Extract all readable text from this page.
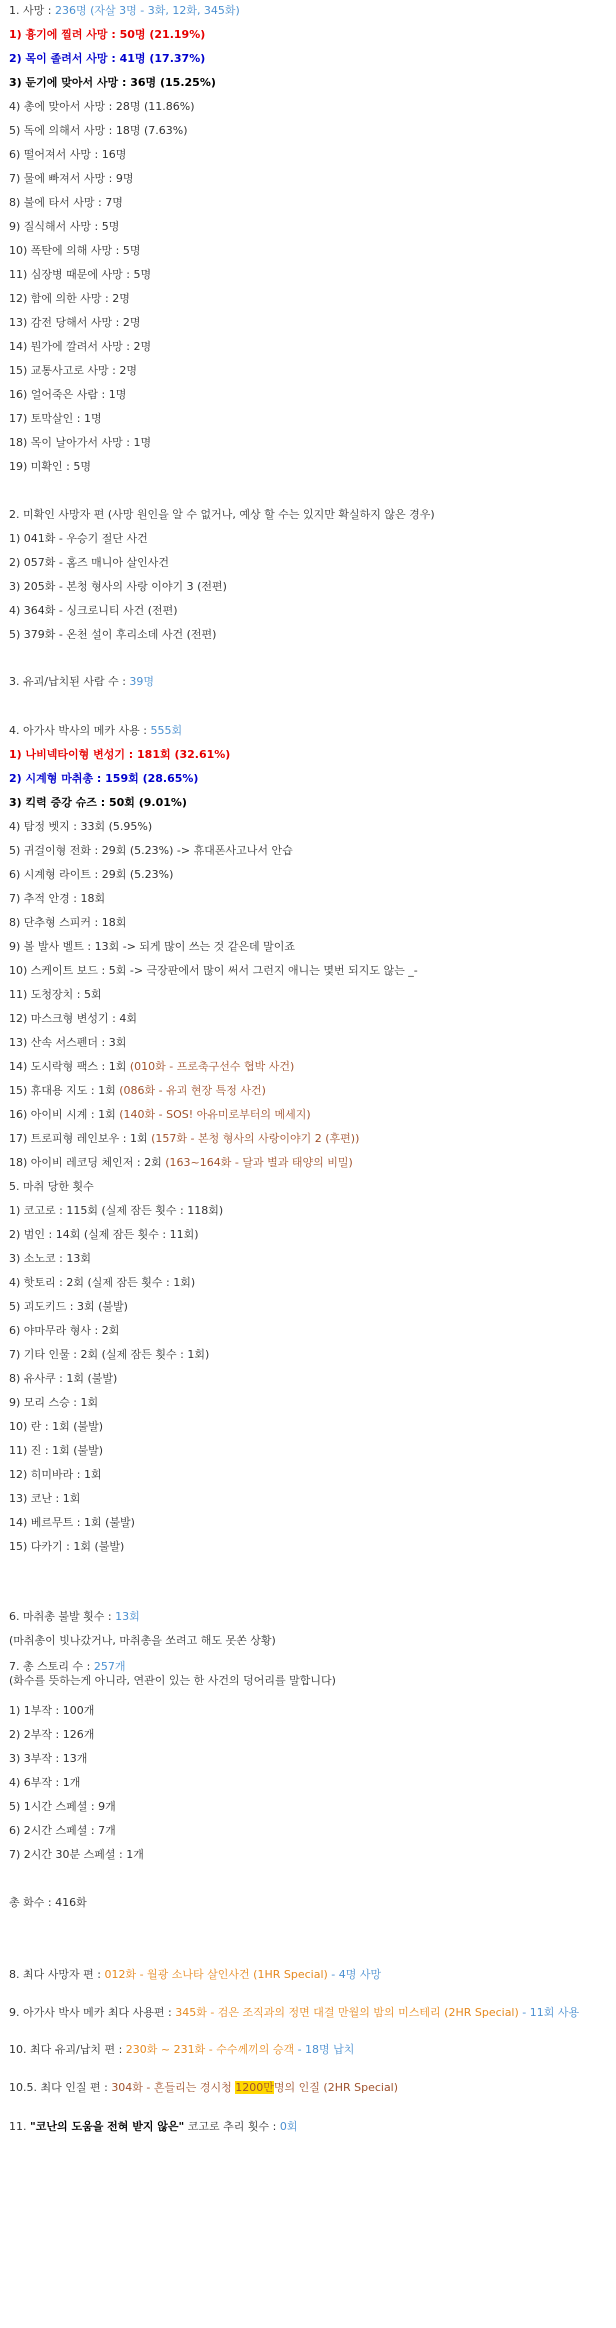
1. 사망 : 236명 (자살 3명 - 3화, 12화, 345화)
1) 흉기에 찔려 사망 : 50명 (21.19%)
2) 목이 졸려서 사망 : 41명 (17.37%)
3) 둔기에 맞아서 사망 : 36명 (15.25%)
4) 총에 맞아서 사망 : 28명 (11.86%)
5) 독에 의해서 사망 : 18명 (7.63%)
6) 떨어져서 사망 : 16명
7) 물에 빠져서 사망 : 9명
8) 불에 타서 사망 : 7명
9) 질식해서 사망 : 5명
10) 폭탄에 의해 사망 : 5명
11) 심장병 때문에 사망 : 5명
12) 함에 의한 사망 : 2명
13) 감전 당해서 사망 : 2명
14) 뭔가에 깔려서 사망 : 2명
15) 교통사고로 사망 : 2명
16) 얼어죽은 사람 : 1명
17) 토막살인 : 1명
18) 목이 날아가서 사망 : 1명
19) 미확인 : 5명
2. 미확인 사망자 편 (사망 원인을 알 수 없거나, 예상 할 수는 있지만 확실하지 않은 경우)
1) 041화 - 우승기 절단 사건
2) 057화 - 홈즈 매니아 살인사건
3) 205화 - 본청 형사의 사랑 이야기 3 (전편)
4) 364화 - 싱크로니티 사건 (전편)
5) 379화 - 온천 설이 후리소데 사건 (전편)
3. 유괴/납치된 사람 수 : 39명
4. 아가사 박사의 메카 사용 : 555회
1) 나비넥타이형 변성기 : 181회 (32.61%)
2) 시계형 마취총 : 159회 (28.65%)
3) 킥력 증강 슈즈 : 50회 (9.01%)
4) 탐정 벳지 : 33회 (5.95%)
5) 귀걸이형 전화 : 29회 (5.23%) -> 휴대폰사고나서 안습
6) 시계형 라이트 : 29회 (5.23%)
7) 추적 안경 : 18회
8) 단추형 스피커 : 18회
9) 볼 발사 벨트 : 13회 -> 되게 많이 쓰는 것 같은데 말이죠
10) 스케이트 보드 : 5회 -> 극장판에서 많이 써서 그런지 애니는 몇번 되지도 않는 _-
11) 도청장치 : 5회
12) 마스크형 변성기 : 4회
13) 산속 서스펜더 : 3회
14) 도시락형 팩스 : 1회 (010화 - 프로축구선수 협박 사건)
15) 휴대용 지도 : 1회 (086화 - 유괴 현장 특정 사건)
16) 아이비 시계 : 1회 (140화 - SOS! 아유미로부터의 메세지)
17) 트로피형 레인보우 : 1회 (157화 - 본청 형사의 사랑이야기 2 (후편))
18) 아이비 레코딩 체인저 : 2회 (163~164화 - 달과 별과 태양의 비밀)
5. 마취 당한 횟수
1) 코고로 : 115회 (실제 잠든 횟수 : 118회)
2) 범인 : 14회 (실제 잠든 횟수 : 11회)
3) 소노코 : 13회
4) 핫토리 : 2회 (실제 잠든 횟수 : 1회)
5) 괴도키드 : 3회 (불발)
6) 야마무라 형사 : 2회
7) 기타 인물 : 2회 (실제 잠든 횟수 : 1회)
8) 유사쿠 : 1회 (불발)
9) 모리 스승 : 1회
10) 란 : 1회 (불발)
11) 진 : 1회 (불발)
12) 히미바라 : 1회
13) 코난 : 1회
14) 베르무트 : 1회 (불발)
15) 다카기 : 1회 (불발)
6. 마취총 불발 횟수 : 13회
(마취총이 빗나갔거나, 마취총을 쏘려고 해도 못쏜 상황)
7. 총 스토리 수 : 257개
(화수를 뜻하는게 아니라, 연관이 있는 한 사건의 덩어리를 말합니다)
1) 1부작 : 100개
2) 2부작 : 126개
3) 3부작 : 13개
4) 6부작 : 1개
5) 1시간 스페셜 : 9개
6) 2시간 스페셜 : 7개
7) 2시간 30분 스페셜 : 1개
총 화수 : 416화
8. 최다 사망자 편 : 012화 - 월광 소나타 살인사건 (1HR Special) - 4명 사망
9. 아가사 박사 메카 최다 사용편 : 345화 - 검은 조직과의 정면 대결 만월의 밤의 미스테리 (2HR Special) - 11회 사용
10. 최다 유괴/납치 편 : 230화 ~ 231화 - 수수께끼의 승객 - 18명 납치
10.5. 최다 인질 편 : 304화 - 흔들리는 경시청 1200만명의 인질 (2HR Special)
11. "코난의 도움을 전혀 받지 않은" 코고로 추리 횟수 : 0회
